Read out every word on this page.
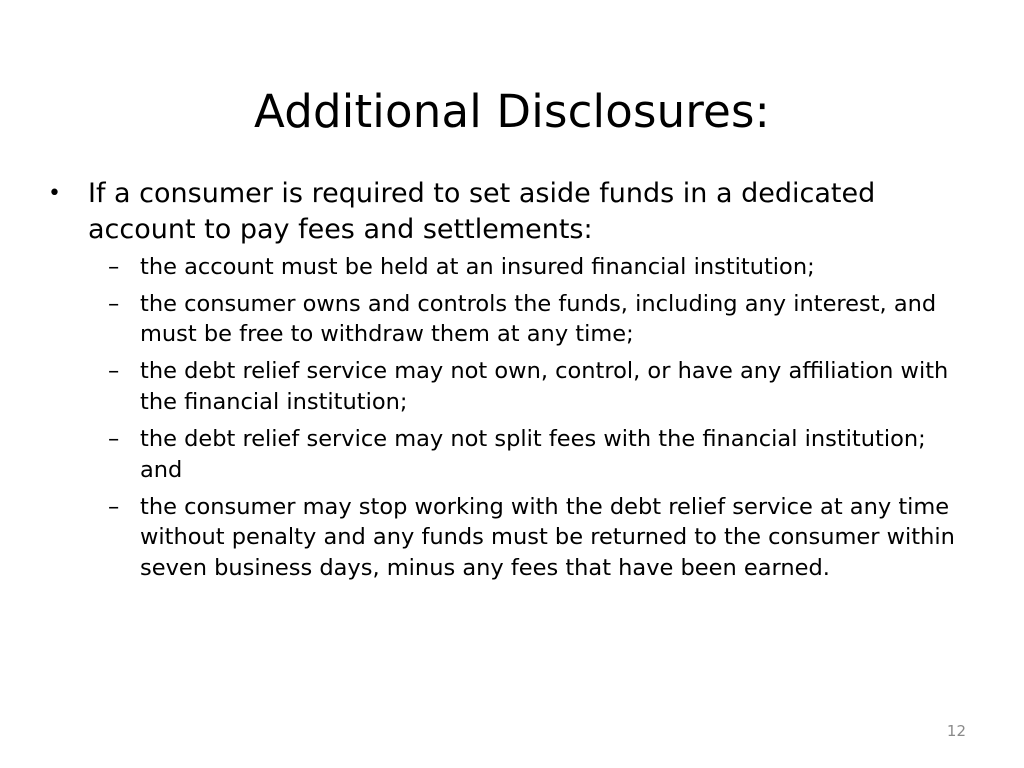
Additional Disclosures:
•	If a consumer is required to set aside funds in a dedicated account to pay fees and settlements:
– the account must be held at an insured financial institution;
– the consumer owns and controls the funds, including any interest, and must be free to withdraw them at any time;
– the debt relief service may not own, control, or have any affiliation with the financial institution;
– the debt relief service may not split fees with the financial institution; and
– the consumer may stop working with the debt relief service at any time without penalty and any funds must be returned to the consumer within seven business days, minus any fees that have been earned.
12
